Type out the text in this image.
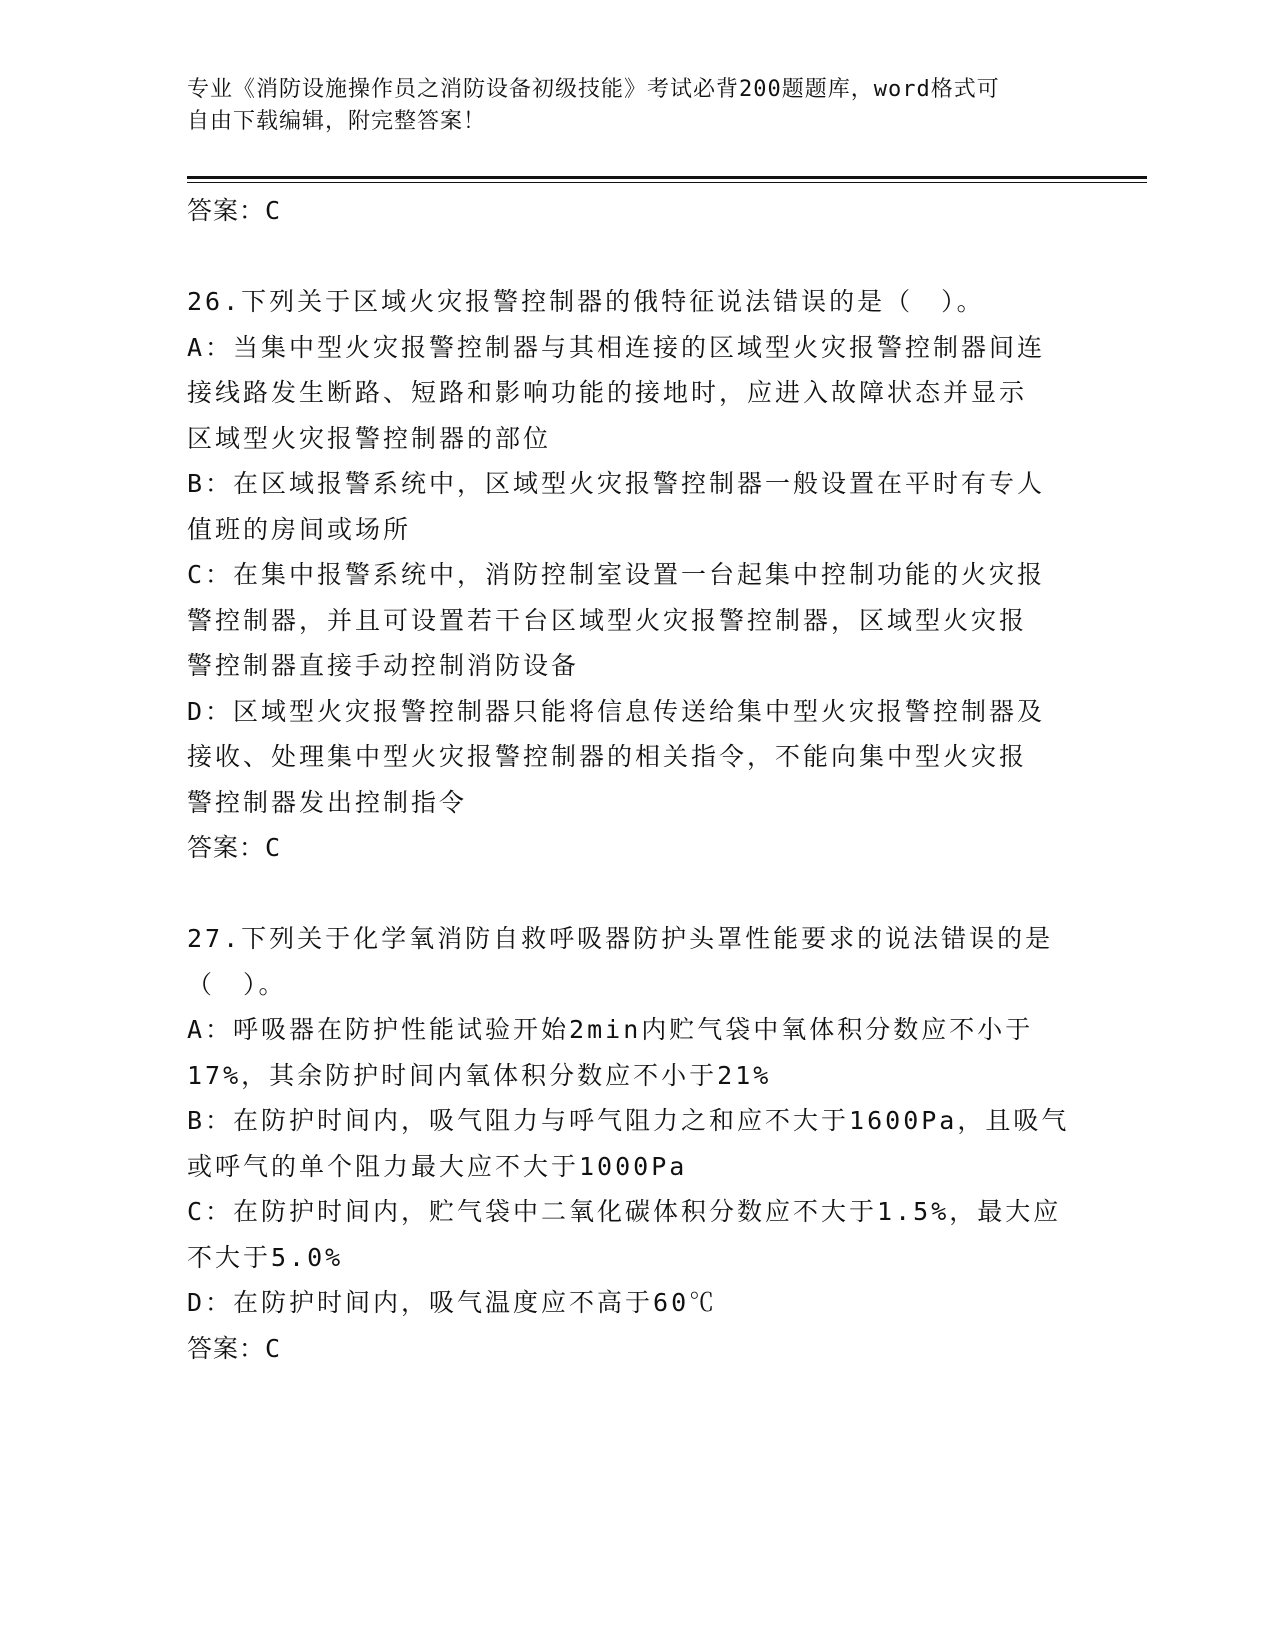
专业《消防设施操作员之消防设备初级技能》考试必背200题题库，word格式可
自由下载编辑，附完整答案！
答案：C
26.下列关于区域火灾报警控制器的俄特征说法错误的是（　）。
A：当集中型火灾报警控制器与其相连接的区域型火灾报警控制器间连
接线路发生断路、短路和影响功能的接地时，应进入故障状态并显示
区域型火灾报警控制器的部位
B：在区域报警系统中，区域型火灾报警控制器一般设置在平时有专人
值班的房间或场所
C：在集中报警系统中，消防控制室设置一台起集中控制功能的火灾报
警控制器，并且可设置若干台区域型火灾报警控制器，区域型火灾报
警控制器直接手动控制消防设备
D：区域型火灾报警控制器只能将信息传送给集中型火灾报警控制器及
接收、处理集中型火灾报警控制器的相关指令，不能向集中型火灾报
警控制器发出控制指令
答案：C
27.下列关于化学氧消防自救呼吸器防护头罩性能要求的说法错误的是
（　）。
A：呼吸器在防护性能试验开始2min内贮气袋中氧体积分数应不小于
17%，其余防护时间内氧体积分数应不小于21%
B：在防护时间内，吸气阻力与呼气阻力之和应不大于1600Pa，且吸气
或呼气的单个阻力最大应不大于1000Pa
C：在防护时间内，贮气袋中二氧化碳体积分数应不大于1.5%，最大应
不大于5.0%
D：在防护时间内，吸气温度应不高于60℃
答案：C
